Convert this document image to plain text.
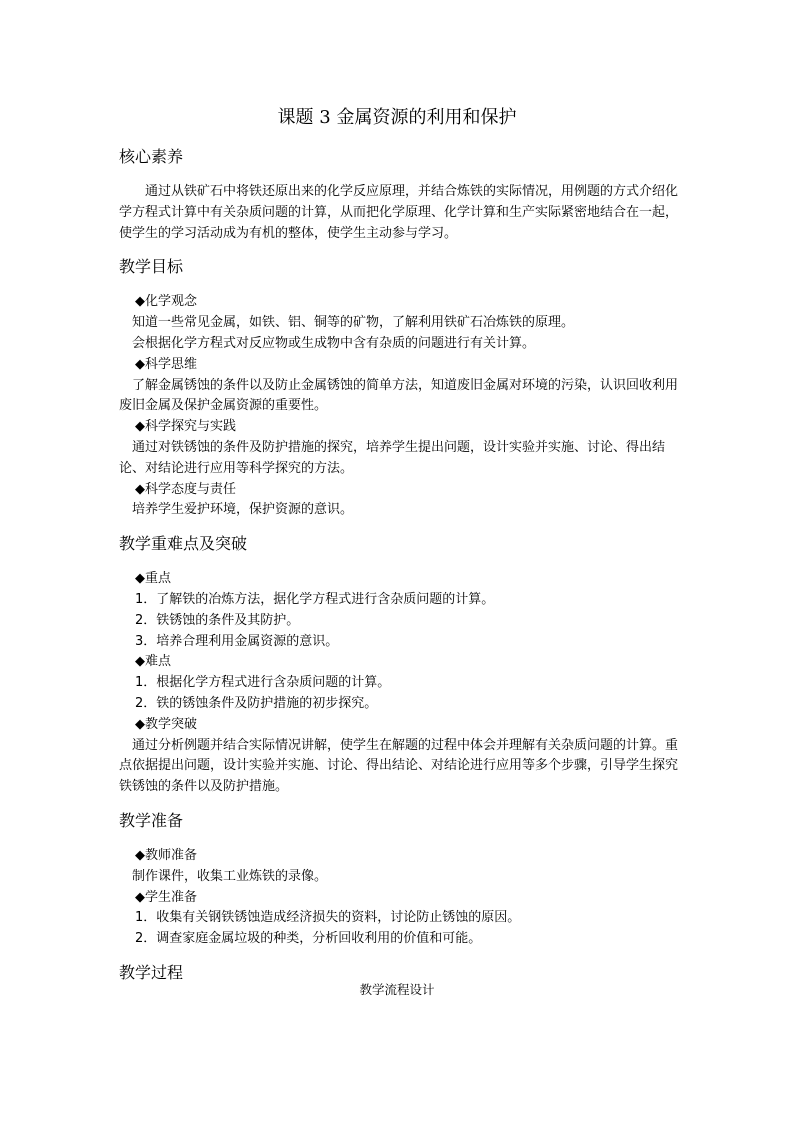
课题 3 金属资源的利用和保护
核心素养

通过从铁矿石中将铁还原出来的化学反应原理，并结合炼铁的实际情况，用例题的方式介绍化学方程式计算中有关杂质问题的计算，从而把化学原理、化学计算和生产实际紧密地结合在一起，使学生的学习活动成为有机的整体，使学生主动参与学习。

教学目标

◆化学观念

知道一些常见金属，如铁、铝、铜等的矿物，了解利用铁矿石冶炼铁的原理。

会根据化学方程式对反应物或生成物中含有杂质的问题进行有关计算。

◆科学思维

了解金属锈蚀的条件以及防止金属锈蚀的简单方法，知道废旧金属对环境的污染，认识回收利用废旧金属及保护金属资源的重要性。

◆科学探究与实践

通过对铁锈蚀的条件及防护措施的探究，培养学生提出问题，设计实验并实施、讨论、得出结论、对结论进行应用等科学探究的方法。

◆科学态度与责任

培养学生爱护环境，保护资源的意识。

教学重难点及突破

◆重点

1．了解铁的冶炼方法，据化学方程式进行含杂质问题的计算。

2．铁锈蚀的条件及其防护。

3．培养合理利用金属资源的意识。

◆难点

1．根据化学方程式进行含杂质问题的计算。

2．铁的锈蚀条件及防护措施的初步探究。

◆教学突破

通过分析例题并结合实际情况讲解，使学生在解题的过程中体会并理解有关杂质问题的计算。重点依据提出问题，设计实验并实施、讨论、得出结论、对结论进行应用等多个步骤，引导学生探究铁锈蚀的条件以及防护措施。

教学准备

◆教师准备

制作课件，收集工业炼铁的录像。

◆学生准备

1．收集有关钢铁锈蚀造成经济损失的资料，讨论防止锈蚀的原因。

2．调查家庭金属垃圾的种类，分析回收利用的价值和可能。

教学过程
教学流程设计
